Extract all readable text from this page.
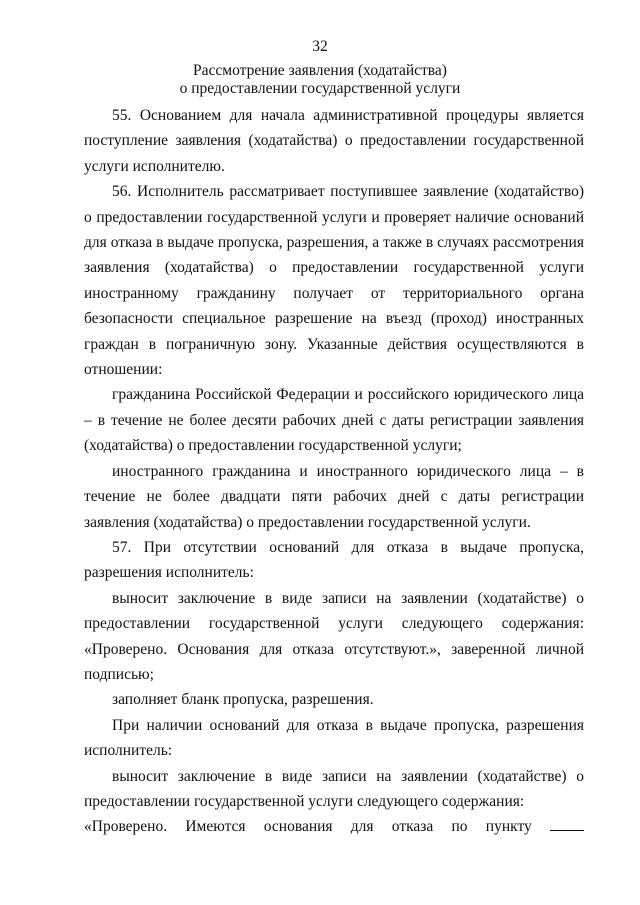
32
Рассмотрение заявления (ходатайства)
о предоставлении государственной услуги

55. Основанием для начала административной процедуры является поступление заявления (ходатайства) о предоставлении государственной услуги исполнителю.

56. Исполнитель рассматривает поступившее заявление (ходатайство) о предоставлении государственной услуги и проверяет наличие оснований для отказа в выдаче пропуска, разрешения, а также в случаях рассмотрения заявления (ходатайства) о предоставлении государственной услуги иностранному гражданину получает от территориального органа безопасности специальное разрешение на въезд (проход) иностранных граждан в пограничную зону. Указанные действия осуществляются в отношении:

гражданина Российской Федерации и российского юридического лица – в течение не более десяти рабочих дней с даты регистрации заявления (ходатайства) о предоставлении государственной услуги;

иностранного гражданина и иностранного юридического лица – в течение не более двадцати пяти рабочих дней с даты регистрации заявления (ходатайства) о предоставлении государственной услуги.

57. При отсутствии оснований для отказа в выдаче пропуска, разрешения исполнитель:

выносит заключение в виде записи на заявлении (ходатайстве) о предоставлении государственной услуги следующего содержания: «Проверено. Основания для отказа отсутствуют.», заверенной личной подписью;

заполняет бланк пропуска, разрешения.

При наличии оснований для отказа в выдаче пропуска, разрешения исполнитель:

выносит заключение в виде записи на заявлении (ходатайстве) о предоставлении государственной услуги следующего содержания:

«Проверено. Имеются основания для отказа по пункту
